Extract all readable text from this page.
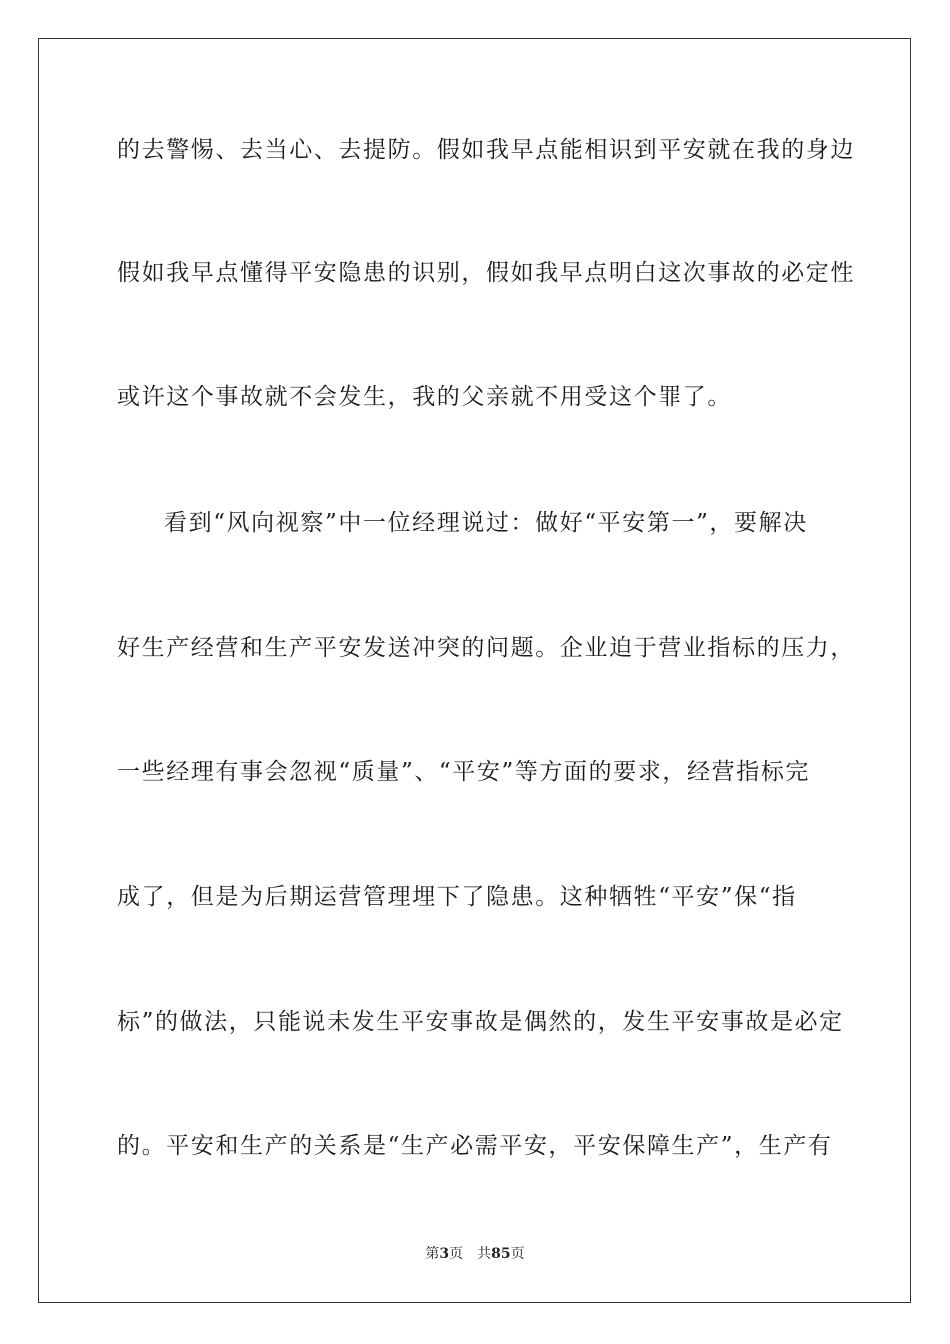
的去警惕、去当心、去提防。假如我早点能相识到平安就在我的身边
假如我早点懂得平安隐患的识别，假如我早点明白这次事故的必定性
或许这个事故就不会发生，我的父亲就不用受这个罪了。
看到“风向视察”中一位经理说过：做好“平安第一”，要解决
好生产经营和生产平安发送冲突的问题。企业迫于营业指标的压力，
一些经理有事会忽视“质量”、“平安”等方面的要求，经营指标完
成了，但是为后期运营管理埋下了隐患。这种牺牲“平安”保“指
标”的做法，只能说未发生平安事故是偶然的，发生平安事故是必定
的。平安和生产的关系是“生产必需平安，平安保障生产”，生产有
第3页 共85页
